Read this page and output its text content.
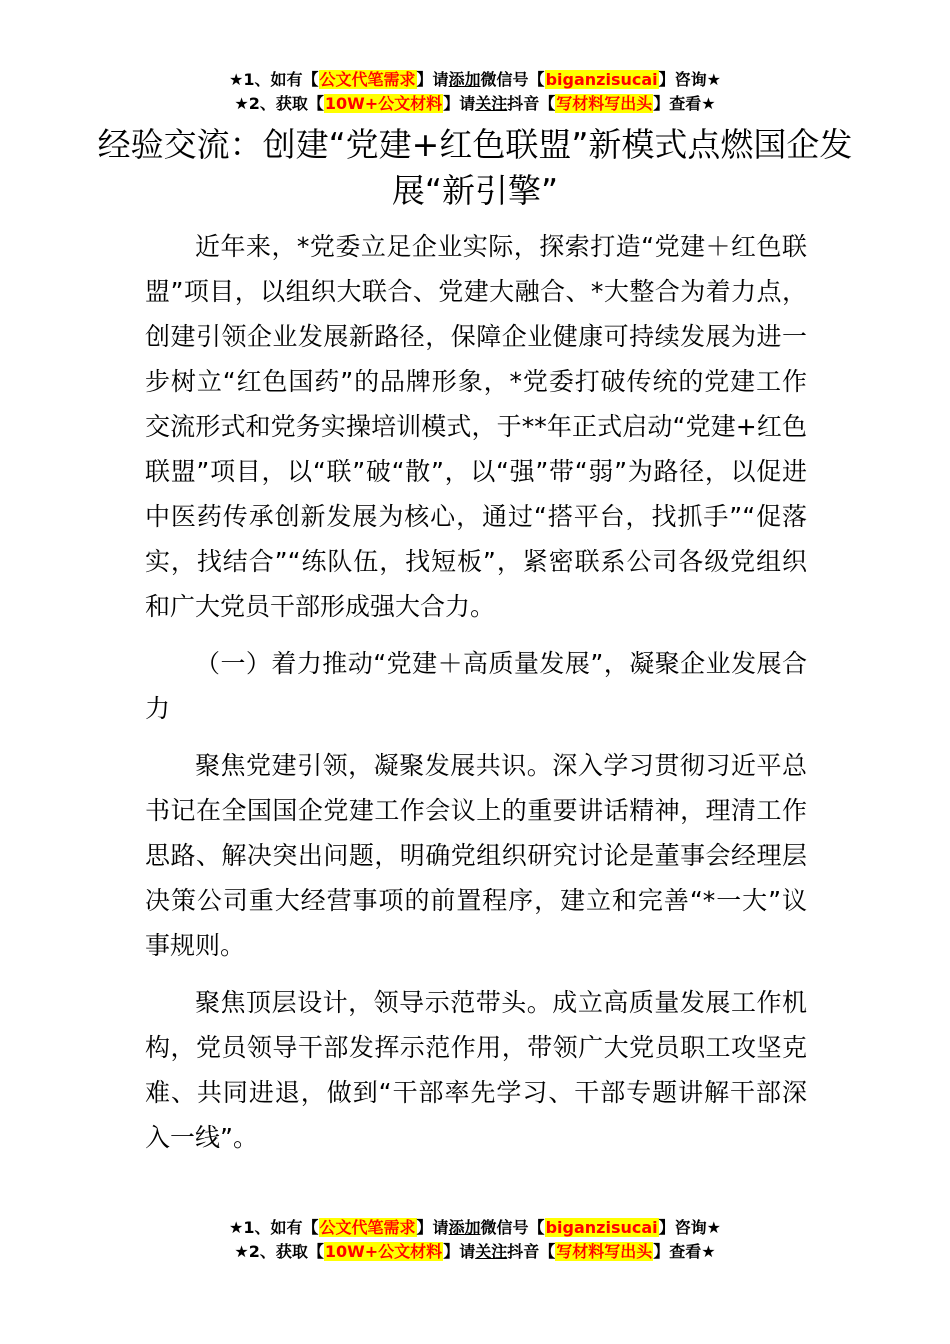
★1、如有【公文代笔需求】请添加微信号【biganzisucai】咨询★
★2、获取【10W+公文材料】请关注抖音【写材料写出头】查看★
经验交流：创建“党建+红色联盟”新模式点燃国企发展“新引擎”

近年来，*党委立足企业实际，探索打造“党建＋红色联盟”项目，以组织大联合、党建大融合、*大整合为着力点，创建引领企业发展新路径，保障企业健康可持续发展为进一步树立“红色国药”的品牌形象，*党委打破传统的党建工作交流形式和党务实操培训模式，于**年正式启动“党建+红色联盟”项目，以“联”破“散”，以“强”带“弱”为路径，以促进中医药传承创新发展为核心，通过“搭平台，找抓手”“促落实，找结合”“练队伍，找短板”，紧密联系公司各级党组织和广大党员干部形成强大合力。

（一）着力推动“党建＋高质量发展”，凝聚企业发展合力

聚焦党建引领，凝聚发展共识。深入学习贯彻习近平总书记在全国国企党建工作会议上的重要讲话精神，理清工作思路、解决突出问题，明确党组织研究讨论是董事会经理层决策公司重大经营事项的前置程序，建立和完善“*一大”议事规则。

聚焦顶层设计，领导示范带头。成立高质量发展工作机构，党员领导干部发挥示范作用，带领广大党员职工攻坚克难、共同进退，做到“干部率先学习、干部专题讲解干部深入一线”。

★1、如有【公文代笔需求】请添加微信号【biganzisucai】咨询★
★2、获取【10W+公文材料】请关注抖音【写材料写出头】查看★
